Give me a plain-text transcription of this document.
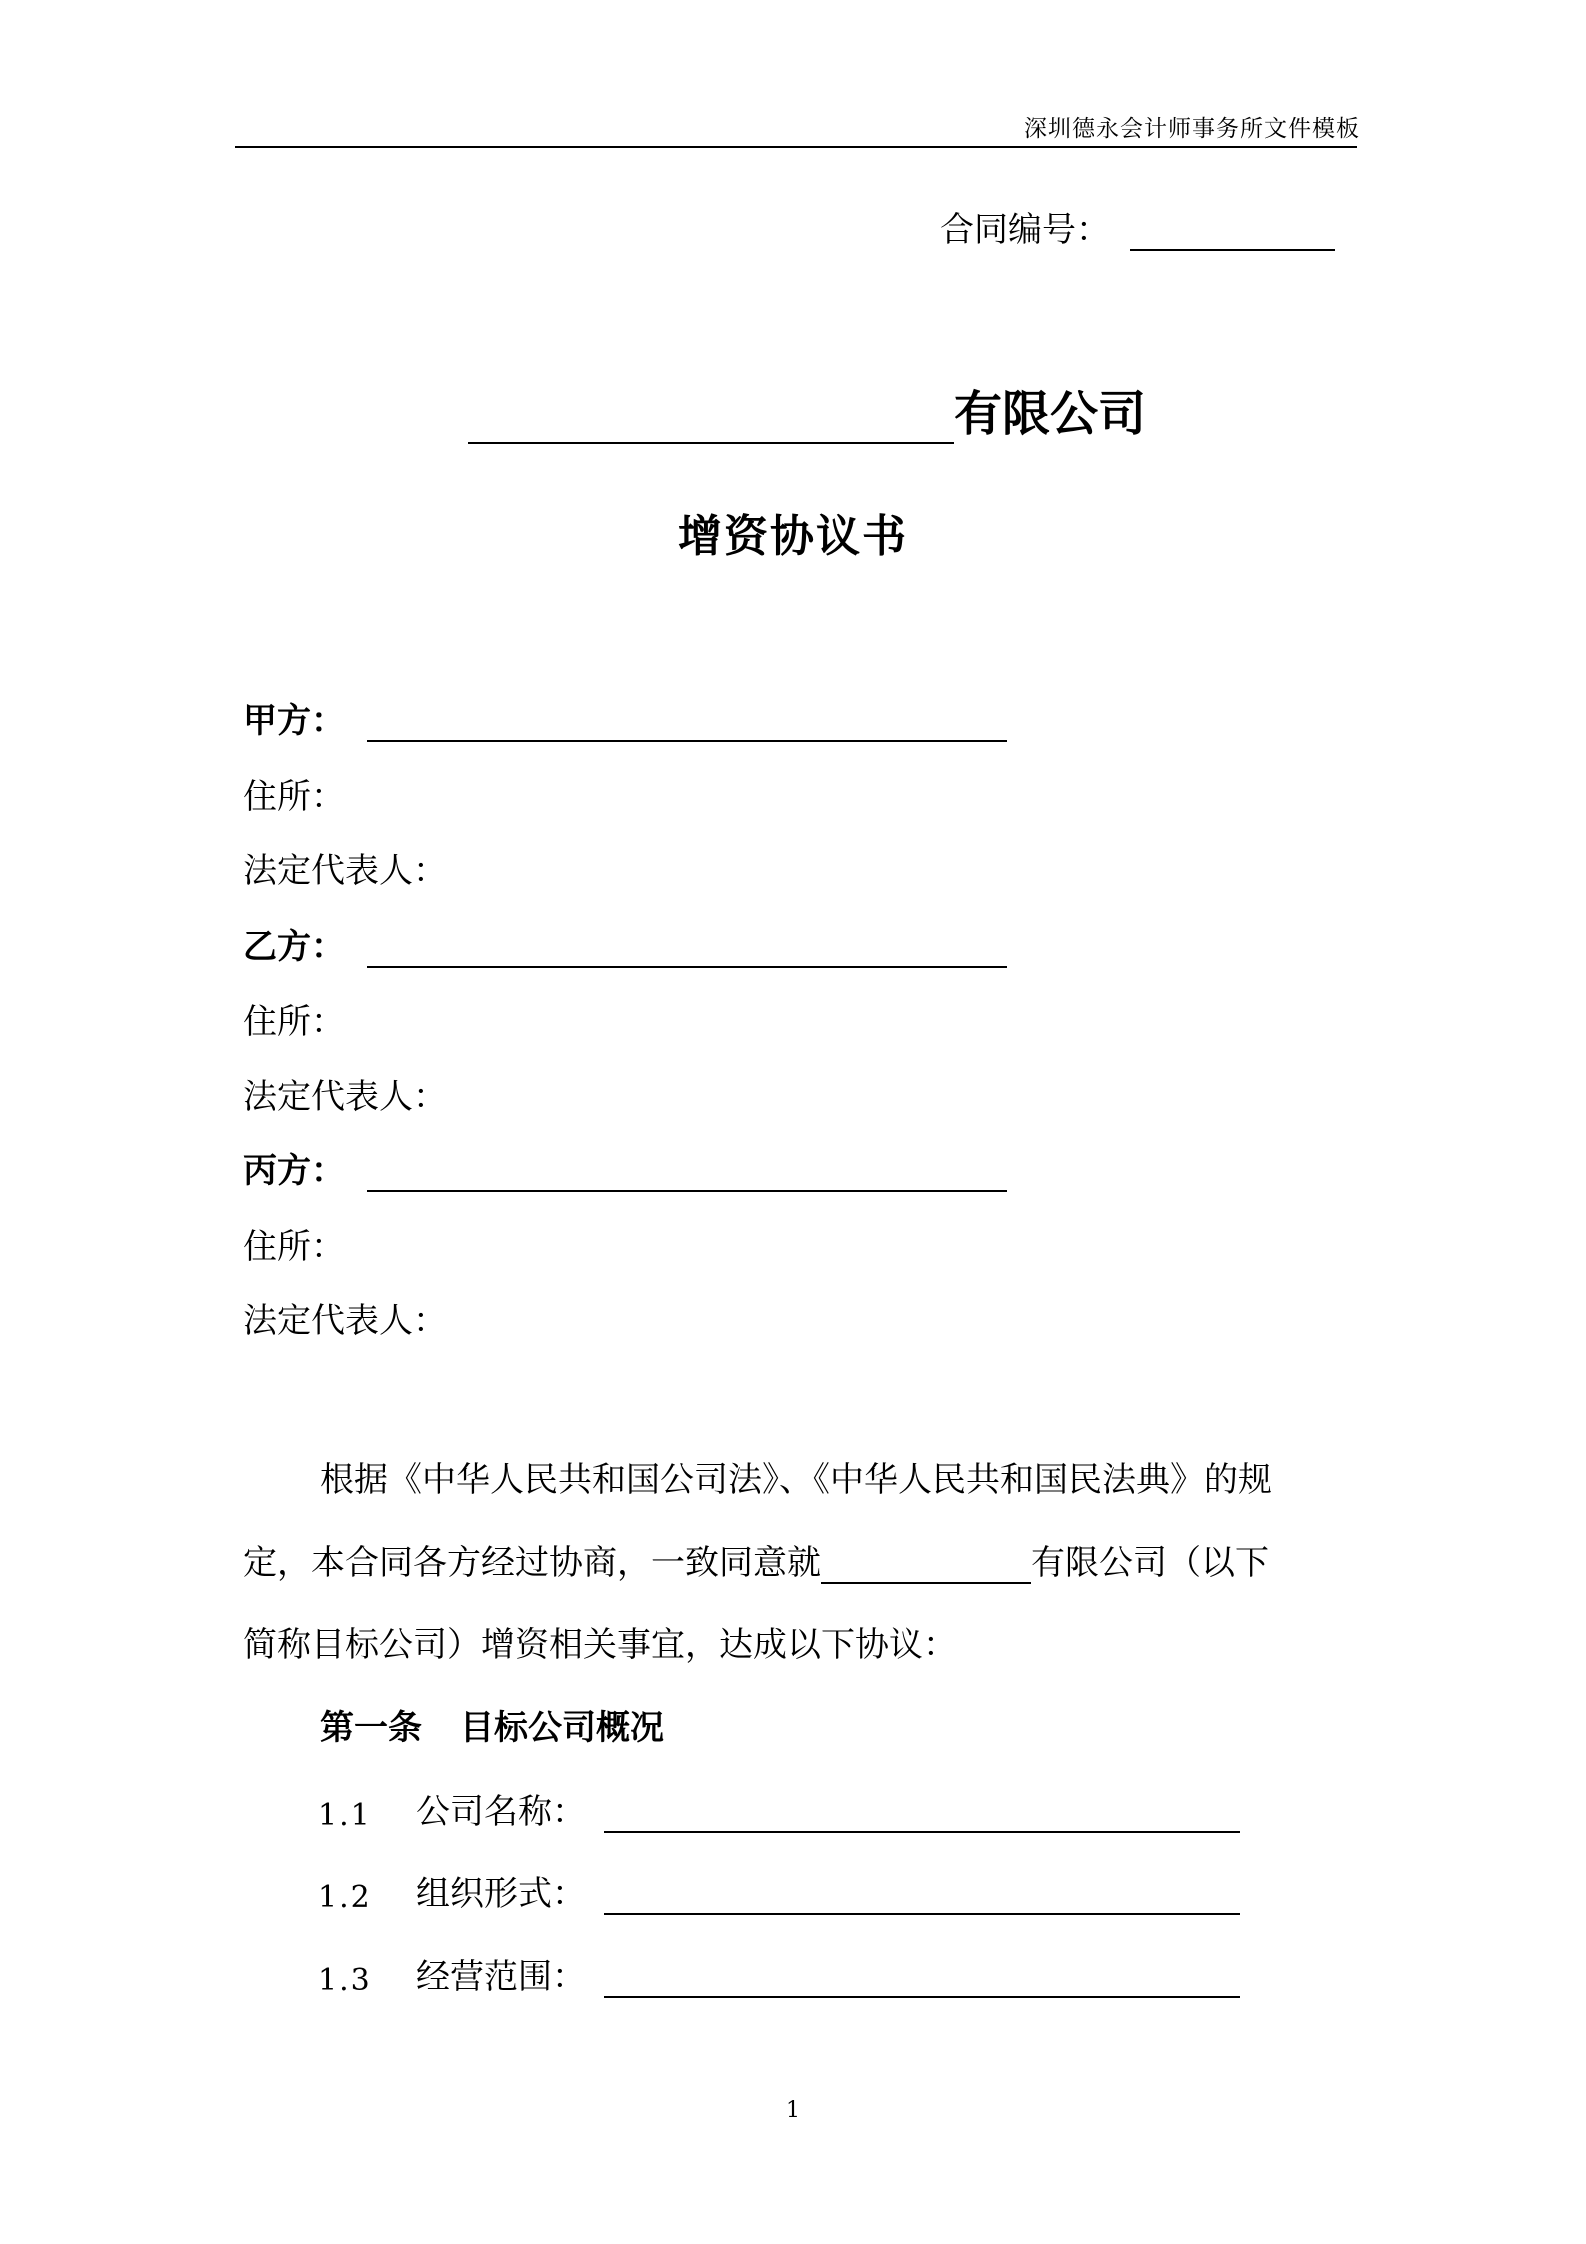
深圳德永会计师事务所文件模板
合同编号：
有限公司
增资协议书
甲方：
住所：
法定代表人：
乙方：
住所：
法定代表人：
丙方：
住所：
法定代表人：
根据《中华人民共和国公司法》、《中华人民共和国民法典》的规
定，本合同各方经过协商，一致同意就	有限公司（以下
简称目标公司）增资相关事宜，达成以下协议：
第一条 目标公司概况
1.1	公司名称：
1.2	组织形式：
1.3	经营范围：
1
